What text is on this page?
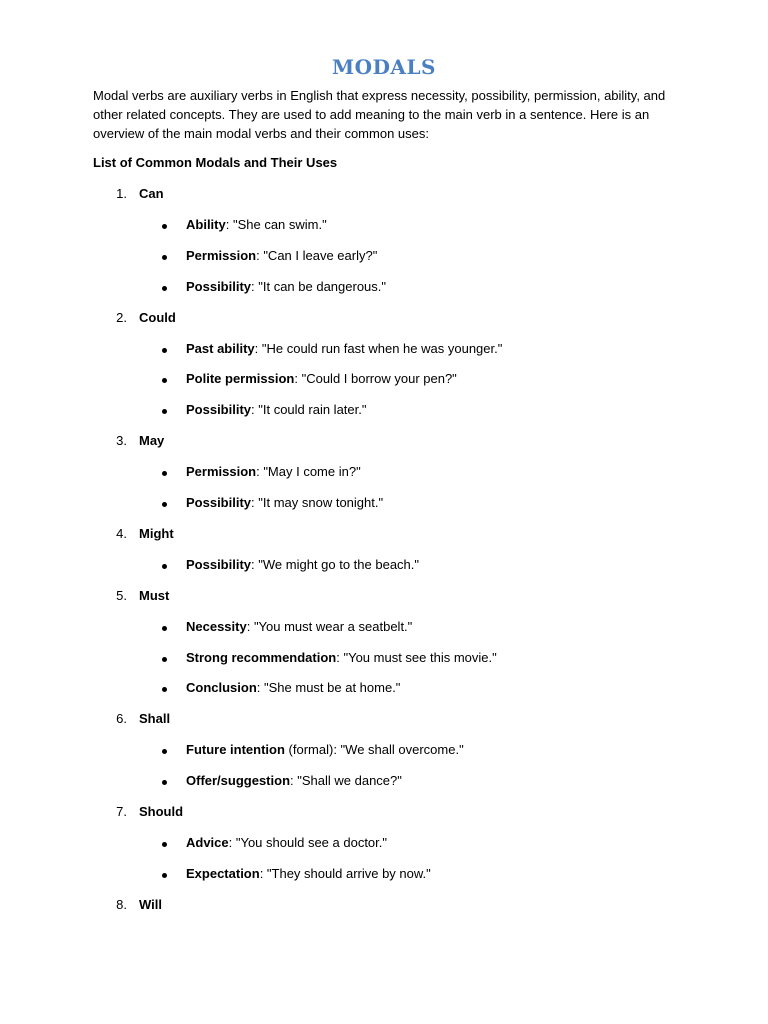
MODALS

Modal verbs are auxiliary verbs in English that express necessity, possibility, permission, ability, and other related concepts. They are used to add meaning to the main verb in a sentence. Here is an overview of the main modal verbs and their common uses:

List of Common Modals and Their Uses

1. Can
Ability: "She can swim."
Permission: "Can I leave early?"
Possibility: "It can be dangerous."
2. Could
Past ability: "He could run fast when he was younger."
Polite permission: "Could I borrow your pen?"
Possibility: "It could rain later."
3. May
Permission: "May I come in?"
Possibility: "It may snow tonight."
4. Might
Possibility: "We might go to the beach."
5. Must
Necessity: "You must wear a seatbelt."
Strong recommendation: "You must see this movie."
Conclusion: "She must be at home."
6. Shall
Future intention (formal): "We shall overcome."
Offer/suggestion: "Shall we dance?"
7. Should
Advice: "You should see a doctor."
Expectation: "They should arrive by now."
8. Will
